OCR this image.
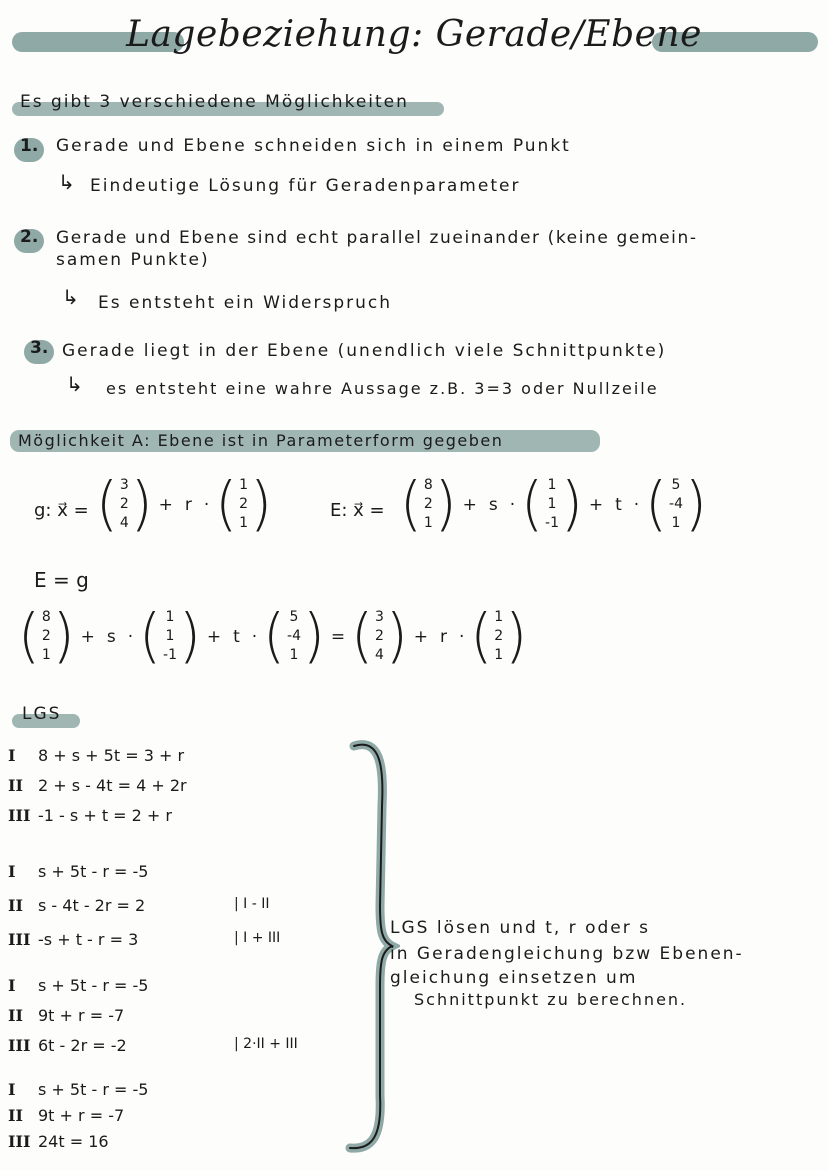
Lagebeziehung: Gerade/Ebene
Es gibt 3 verschiedene Möglichkeiten
1. Gerade und Ebene schneiden sich in einem Punkt
↳ Eindeutige Lösung für Geradenparameter
2. Gerade und Ebene sind echt parallel zueinander (keine gemein-
samen Punkte)
↳ Es entsteht ein Widerspruch
3. Gerade liegt in der Ebene (unendlich viele Schnittpunkte)
↳ es entsteht eine wahre Aussage z.B. 3=3 oder Nullzeile
Möglichkeit A: Ebene ist in Parameterform gegeben
g: x⃗ = ( 3
2
4 ) + r · ( 1
2
1 )	E: x⃗ = ( 8
2
1 ) + s · ( 1
1
-1 ) + t · ( 5
-4
1 )
E = g
( 8
2
1 ) + s · ( 1
1
-1 ) + t · ( 5
-4
1 ) = ( 3
2
4 ) + r · ( 1
2
1 )
LGS
I 8 + s + 5t = 3 + r
II 2 + s - 4t = 4 + 2r
III -1 - s + t = 2 + r
I s + 5t - r = -5
II s - 4t - 2r = 2	| I - II
III -s + t - r = 3	| I + III
I s + 5t - r = -5
II 9t + r = -7
III 6t - 2r = -2	| 2·II + III
I s + 5t - r = -5
II 9t + r = -7
III 24t = 16
LGS lösen und t, r oder s
in Geradengleichung bzw Ebenen-
gleichung einsetzen um
Schnittpunkt zu berechnen.
